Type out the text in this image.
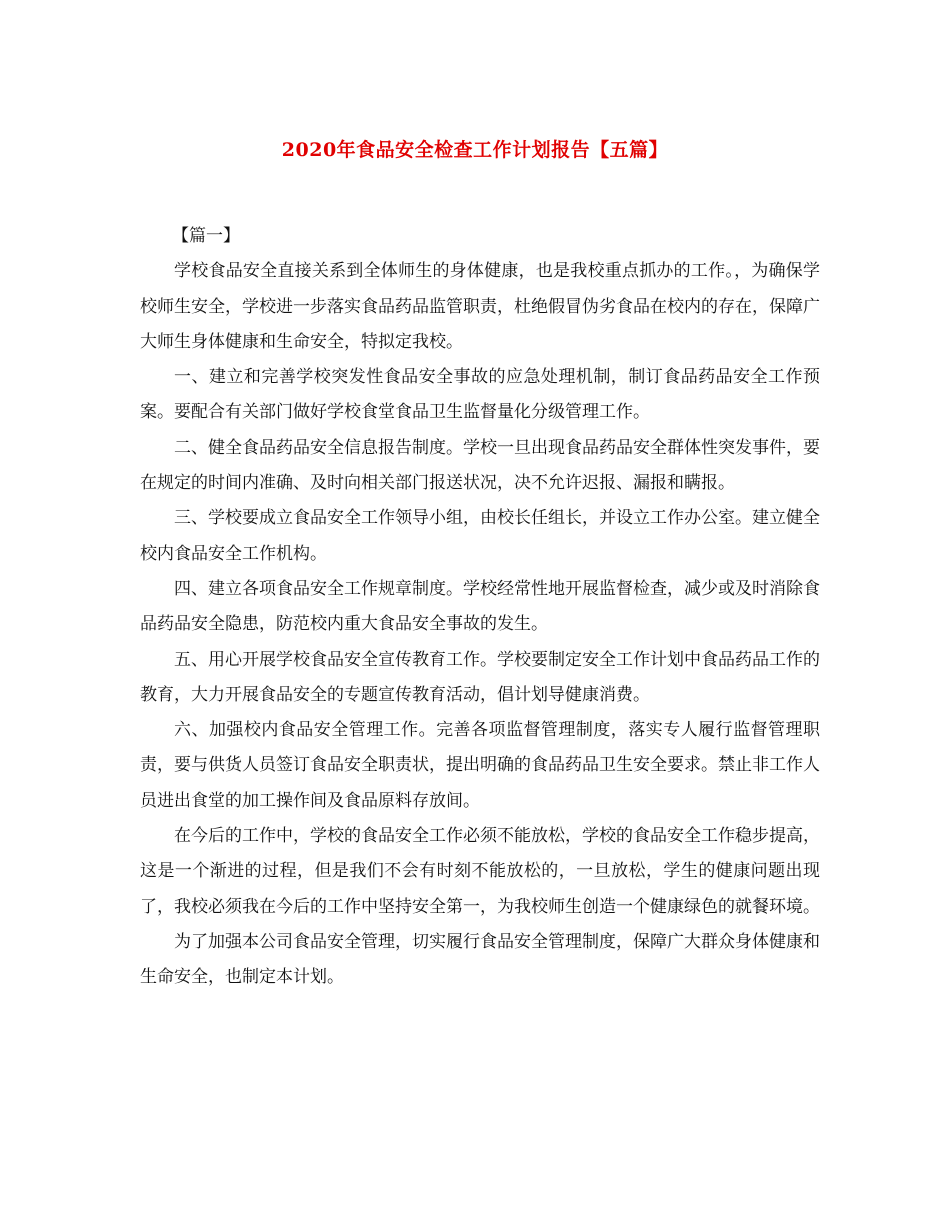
2020年食品安全检查工作计划报告【五篇】

【篇一】

学校食品安全直接关系到全体师生的身体健康，也是我校重点抓办的工作。，为确保学校师生安全，学校进一步落实食品药品监管职责，杜绝假冒伪劣食品在校内的存在，保障广大师生身体健康和生命安全，特拟定我校。

一、建立和完善学校突发性食品安全事故的应急处理机制，制订食品药品安全工作预案。要配合有关部门做好学校食堂食品卫生监督量化分级管理工作。

二、健全食品药品安全信息报告制度。学校一旦出现食品药品安全群体性突发事件，要在规定的时间内准确、及时向相关部门报送状况，决不允许迟报、漏报和瞒报。

三、学校要成立食品安全工作领导小组，由校长任组长，并设立工作办公室。建立健全校内食品安全工作机构。

四、建立各项食品安全工作规章制度。学校经常性地开展监督检查，减少或及时消除食品药品安全隐患，防范校内重大食品安全事故的发生。

五、用心开展学校食品安全宣传教育工作。学校要制定安全工作计划中食品药品工作的教育，大力开展食品安全的专题宣传教育活动，倡计划导健康消费。

六、加强校内食品安全管理工作。完善各项监督管理制度，落实专人履行监督管理职责，要与供货人员签订食品安全职责状，提出明确的食品药品卫生安全要求。禁止非工作人员进出食堂的加工操作间及食品原料存放间。

在今后的工作中，学校的食品安全工作必须不能放松，学校的食品安全工作稳步提高，这是一个渐进的过程，但是我们不会有时刻不能放松的，一旦放松，学生的健康问题出现了，我校必须我在今后的工作中坚持安全第一，为我校师生创造一个健康绿色的就餐环境。

为了加强本公司食品安全管理，切实履行食品安全管理制度，保障广大群众身体健康和生命安全，也制定本计划。
